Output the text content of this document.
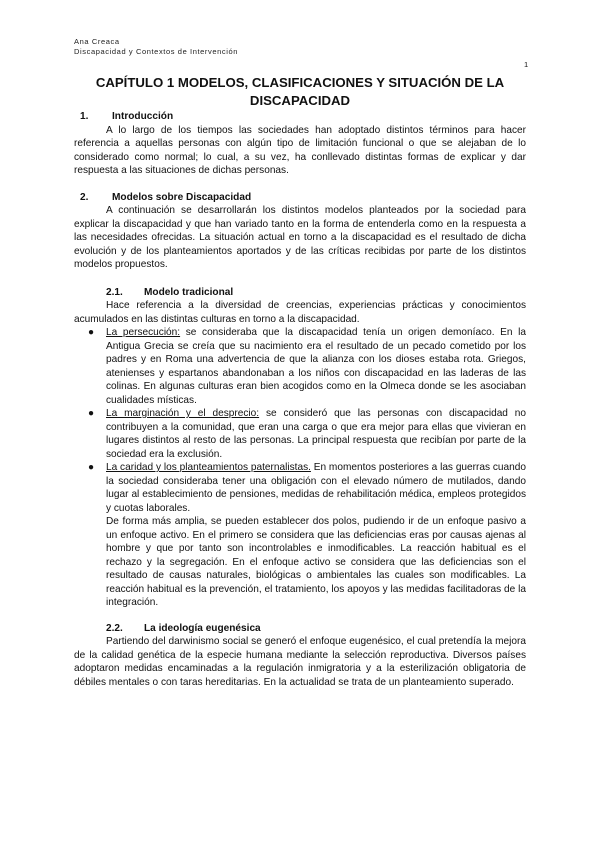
Ana Creaca
Discapacidad y Contextos de Intervención
1
CAPÍTULO 1 MODELOS, CLASIFICACIONES Y SITUACIÓN DE LA DISCAPACIDAD
1.	Introducción

A lo largo de los tiempos las sociedades han adoptado distintos términos para hacer referencia a aquellas personas con algún tipo de limitación funcional o que se alejaban de lo considerado como normal; lo cual, a su vez, ha conllevado distintas formas de explicar y dar respuesta a las situaciones de dichas personas.

2.	Modelos sobre Discapacidad

A continuación se desarrollarán los distintos modelos planteados por la sociedad para explicar la discapacidad y que han variado tanto en la forma de entenderla como en la respuesta a las necesidades ofrecidas. La situación actual en torno a la discapacidad es el resultado de dicha evolución y de los planteamientos aportados y de las críticas recibidas por parte de los distintos modelos propuestos.

2.1.	Modelo tradicional

Hace referencia a la diversidad de creencias, experiencias prácticas y conocimientos acumulados en las distintas culturas en torno a la discapacidad.

● La persecución: se consideraba que la discapacidad tenía un origen demoníaco. En la Antigua Grecia se creía que su nacimiento era el resultado de un pecado cometido por los padres y en Roma una advertencia de que la alianza con los dioses estaba rota. Griegos, atenienses y espartanos abandonaban a los niños con discapacidad en las laderas de las colinas. En algunas culturas eran bien acogidos como en la Olmeca donde se les asociaban cualidades místicas.
● La marginación y el desprecio: se consideró que las personas con discapacidad no contribuyen a la comunidad, que eran una carga o que era mejor para ellas que vivieran en lugares distintos al resto de las personas. La principal respuesta que recibían por parte de la sociedad era la exclusión.
● La caridad y los planteamientos paternalistas. En momentos posteriores a las guerras cuando la sociedad consideraba tener una obligación con el elevado número de mutilados, dando lugar al establecimiento de pensiones, medidas de rehabilitación médica, empleos protegidos y cuotas laborales.

De forma más amplia, se pueden establecer dos polos, pudiendo ir de un enfoque pasivo a un enfoque activo. En el primero se considera que las deficiencias eras por causas ajenas al hombre y que por tanto son incontrolables e inmodificables. La reacción habitual es el rechazo y la segregación. En el enfoque activo se considera que las deficiencias son el resultado de causas naturales, biológicas o ambientales las cuales son modificables. La reacción habitual es la prevención, el tratamiento, los apoyos y las medidas facilitadoras de la integración.

2.2.	La ideología eugenésica

Partiendo del darwinismo social se generó el enfoque eugenésico, el cual pretendía la mejora de la calidad genética de la especie humana mediante la selección reproductiva. Diversos países adoptaron medidas encaminadas a la regulación inmigratoria y a la esterilización obligatoria de débiles mentales o con taras hereditarias. En la actualidad se trata de un planteamiento superado.
